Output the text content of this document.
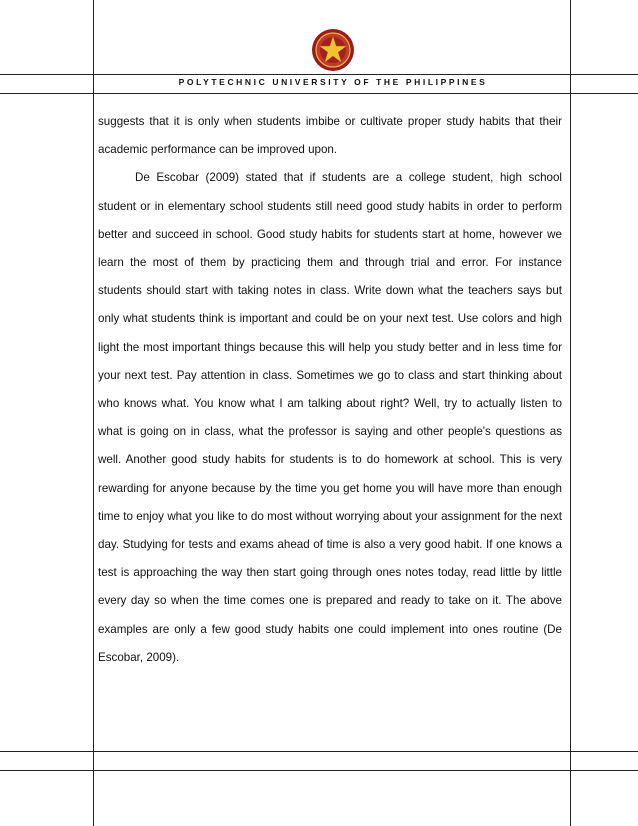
POLYTECHNIC UNIVERSITY OF THE PHILIPPINES

suggests that it is only when students imbibe or cultivate proper study habits that their academic performance can be improved upon.

De Escobar (2009) stated that if students are a college student, high school student or in elementary school students still need good study habits in order to perform better and succeed in school. Good study habits for students start at home, however we learn the most of them by practicing them and through trial and error. For instance students should start with taking notes in class. Write down what the teachers says but only what students think is important and could be on your next test. Use colors and high light the most important things because this will help you study better and in less time for your next test. Pay attention in class. Sometimes we go to class and start thinking about who knows what. You know what I am talking about right? Well, try to actually listen to what is going on in class, what the professor is saying and other people's questions as well. Another good study habits for students is to do homework at school. This is very rewarding for anyone because by the time you get home you will have more than enough time to enjoy what you like to do most without worrying about your assignment for the next day. Studying for tests and exams ahead of time is also a very good habit. If one knows a test is approaching the way then start going through ones notes today, read little by little every day so when the time comes one is prepared and ready to take on it. The above examples are only a few good study habits one could implement into ones routine (De Escobar, 2009).
